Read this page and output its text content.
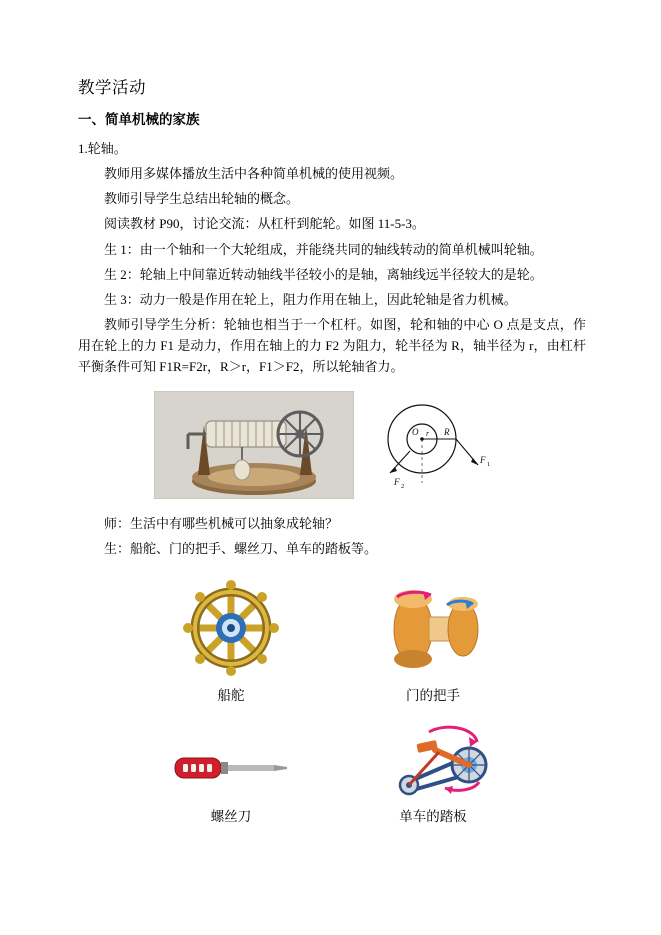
教学活动
一、简单机械的家族

1.轮轴。

教师用多媒体播放生活中各种简单机械的使用视频。

教师引导学生总结出轮轴的概念。

阅读教材 P90，讨论交流：从杠杆到舵轮。如图 11-5-3。

生 1：由一个轴和一个大轮组成，并能绕共同的轴线转动的简单机械叫轮轴。

生 2：轮轴上中间靠近转动轴线半径较小的是轴，离轴线远半径较大的是轮。

生 3：动力一般是作用在轮上，阻力作用在轴上，因此轮轴是省力机械。

教师引导学生分析：轮轴也相当于一个杠杆。如图，轮和轴的中心 O 点是支点，作用在轮上的力 F1 是动力，作用在轴上的力 F2 为阻力，轮半径为 R，轴半径为 r，由杠杆平衡条件可知 F1R=F2r，R＞r，F1＞F2，所以轮轴省力。

O r R
F 1
F 2

师：生活中有哪些机械可以抽象成轮轴？

生：船舵、门的把手、螺丝刀、单车的踏板等。

船舵	门的把手
螺丝刀	单车的踏板
